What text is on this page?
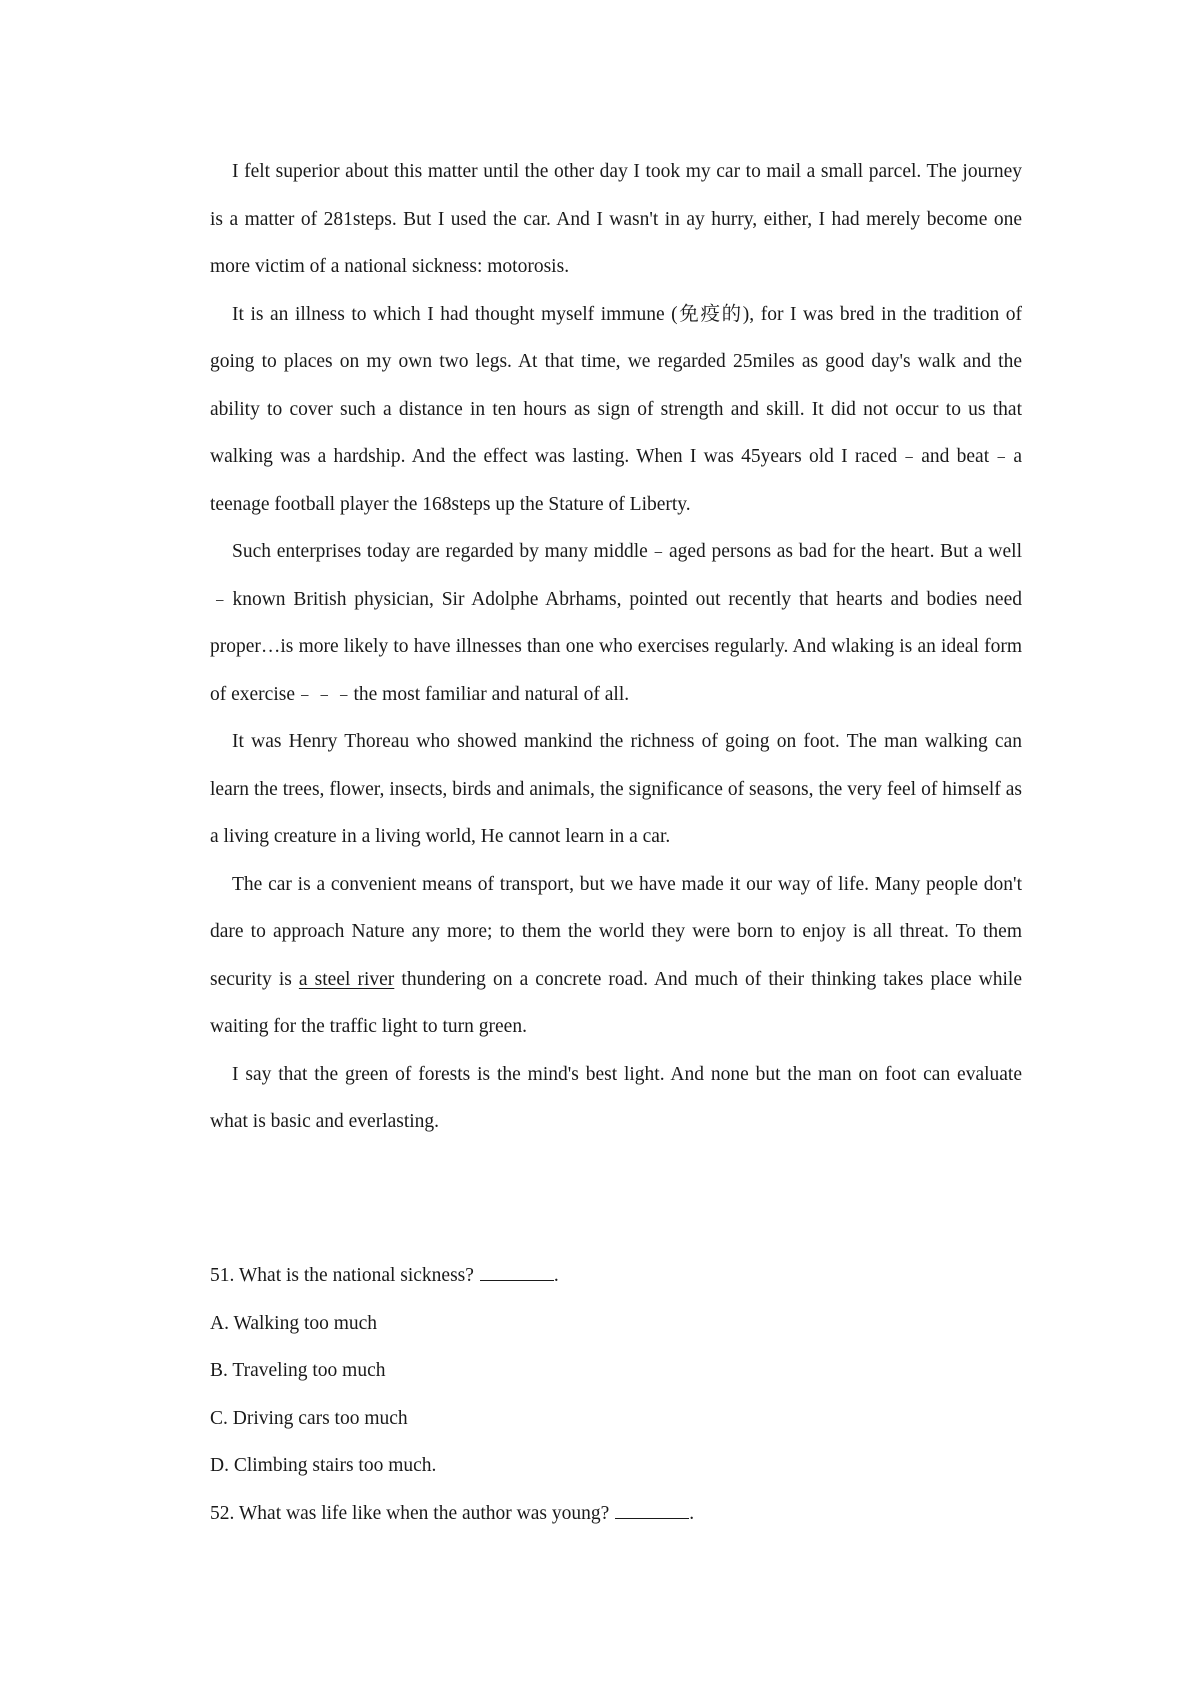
I felt superior about this matter until the other day I took my car to mail a small parcel. The journey is a matter of 281steps. But I used the car. And I wasn't in ay hurry, either, I had merely become one more victim of a national sickness: motorosis.

It is an illness to which I had thought myself immune (免疫的), for I was bred in the tradition of going to places on my own two legs. At that time, we regarded 25miles as good day's walk and the ability to cover such a distance in ten hours as sign of strength and skill. It did not occur to us that walking was a hardship. And the effect was lasting. When I was 45years old I raced﹣and beat﹣a teenage football player the 168steps up the Stature of Liberty.

Such enterprises today are regarded by many middle﹣aged persons as bad for the heart. But a well﹣known British physician, Sir Adolphe Abrhams, pointed out recently that hearts and bodies need proper…is more likely to have illnesses than one who exercises regularly. And wlaking is an ideal form of exercise﹣﹣﹣the most familiar and natural of all.

It was Henry Thoreau who showed mankind the richness of going on foot. The man walking can learn the trees, flower, insects, birds and animals, the significance of seasons, the very feel of himself as a living creature in a living world, He cannot learn in a car.

The car is a convenient means of transport, but we have made it our way of life. Many people don't dare to approach Nature any more; to them the world they were born to enjoy is all threat. To them security is a steel river thundering on a concrete road. And much of their thinking takes place while waiting for the traffic light to turn green.

I say that the green of forests is the mind's best light. And none but the man on foot can evaluate what is basic and everlasting.

51. What is the national sickness?	.

A. Walking too much

B. Traveling too much

C. Driving cars too much

D. Climbing stairs too much.

52. What was life like when the author was young?	.
